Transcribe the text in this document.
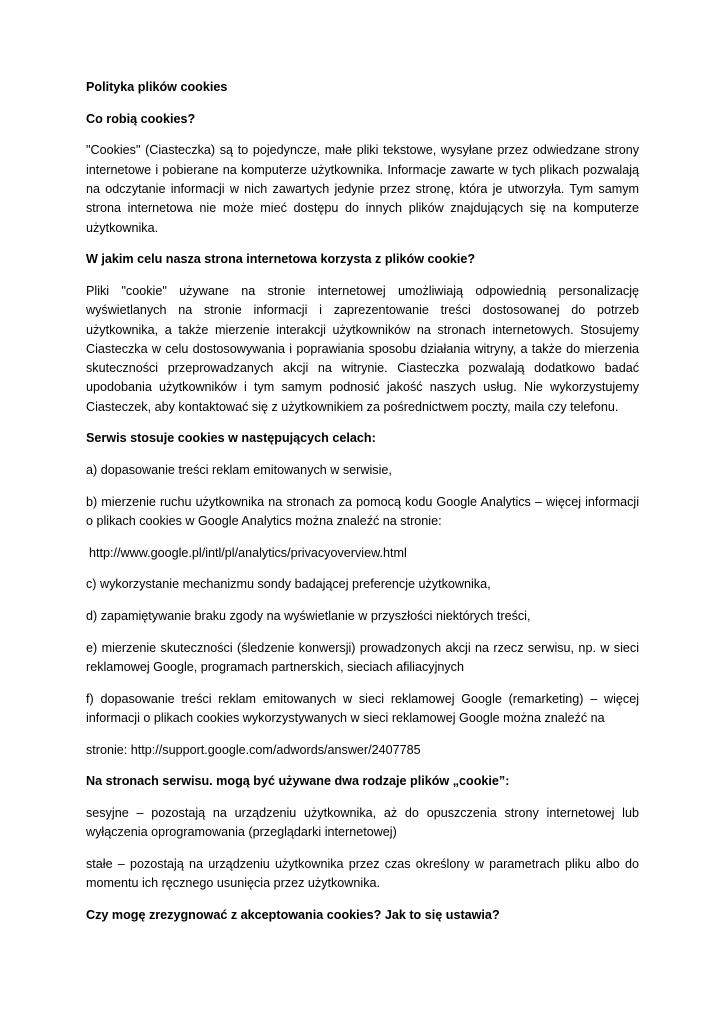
Polityka plików cookies

Co robią cookies?

"Cookies" (Ciasteczka) są to pojedyncze, małe pliki tekstowe, wysyłane przez odwiedzane strony internetowe i pobierane na komputerze użytkownika. Informacje zawarte w tych plikach pozwalają na odczytanie informacji w nich zawartych jedynie przez stronę, która je utworzyła. Tym samym strona internetowa nie może mieć dostępu do innych plików znajdujących się na komputerze użytkownika.

W jakim celu nasza strona internetowa korzysta z plików cookie?

Pliki "cookie" używane na stronie internetowej umożliwiają odpowiednią personalizację wyświetlanych na stronie informacji i zaprezentowanie treści dostosowanej do potrzeb użytkownika, a także mierzenie interakcji użytkowników na stronach internetowych. Stosujemy Ciasteczka w celu dostosowywania i poprawiania sposobu działania witryny, a także do mierzenia skuteczności przeprowadzanych akcji na witrynie. Ciasteczka pozwalają dodatkowo badać upodobania użytkowników i tym samym podnosić jakość naszych usług. Nie wykorzystujemy Ciasteczek, aby kontaktować się z użytkownikiem za pośrednictwem poczty, maila czy telefonu.

Serwis stosuje cookies w następujących celach:

a) dopasowanie treści reklam emitowanych w serwisie,

b) mierzenie ruchu użytkownika na stronach za pomocą kodu Google Analytics – więcej informacji o plikach cookies w Google Analytics można znaleźć na stronie:

http://www.google.pl/intl/pl/analytics/privacyoverview.html

c) wykorzystanie mechanizmu sondy badającej preferencje użytkownika,

d) zapamiętywanie braku zgody na wyświetlanie w przyszłości niektórych treści,

e) mierzenie skuteczności (śledzenie konwersji) prowadzonych akcji na rzecz serwisu, np. w sieci reklamowej Google, programach partnerskich, sieciach afiliacyjnych

f) dopasowanie treści reklam emitowanych w sieci reklamowej Google (remarketing) – więcej informacji o plikach cookies wykorzystywanych w sieci reklamowej Google można znaleźć na

stronie: http://support.google.com/adwords/answer/2407785

Na stronach serwisu. mogą być używane dwa rodzaje plików „cookie”:

sesyjne – pozostają na urządzeniu użytkownika, aż do opuszczenia strony internetowej lub wyłączenia oprogramowania (przeglądarki internetowej)

stałe – pozostają na urządzeniu użytkownika przez czas określony w parametrach pliku albo do momentu ich ręcznego usunięcia przez użytkownika.

Czy mogę zrezygnować z akceptowania cookies? Jak to się ustawia?
